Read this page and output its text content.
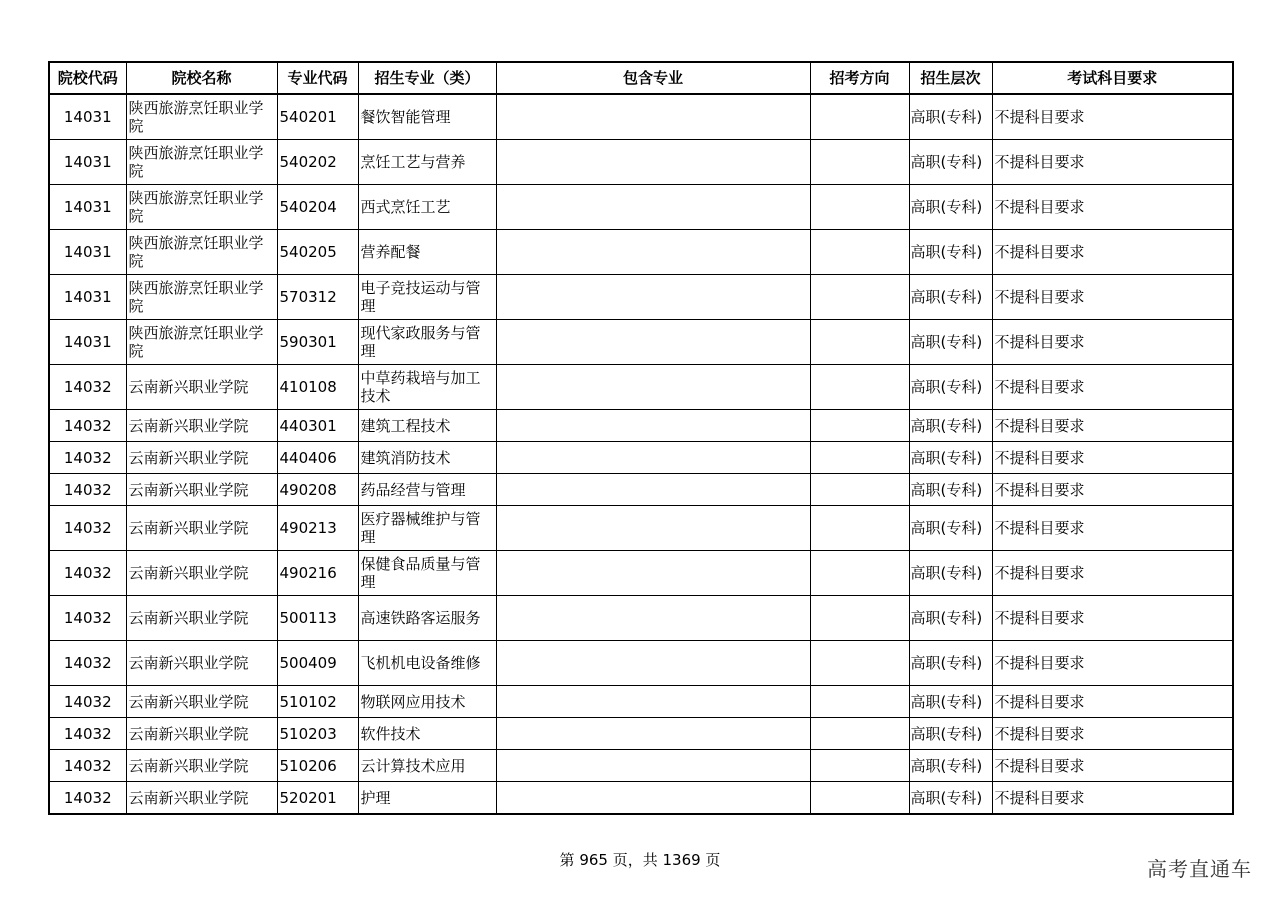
院校代码	院校名称	专业代码	招生专业（类）	包含专业	招考方向	招生层次	考试科目要求
14031	陕西旅游烹饪职业学院	540201	餐饮智能管理			高职(专科)	不提科目要求
14031	陕西旅游烹饪职业学院	540202	烹饪工艺与营养			高职(专科)	不提科目要求
14031	陕西旅游烹饪职业学院	540204	西式烹饪工艺			高职(专科)	不提科目要求
14031	陕西旅游烹饪职业学院	540205	营养配餐			高职(专科)	不提科目要求
14031	陕西旅游烹饪职业学院	570312	电子竞技运动与管理			高职(专科)	不提科目要求
14031	陕西旅游烹饪职业学院	590301	现代家政服务与管理			高职(专科)	不提科目要求
14032	云南新兴职业学院	410108	中草药栽培与加工技术			高职(专科)	不提科目要求
14032	云南新兴职业学院	440301	建筑工程技术			高职(专科)	不提科目要求
14032	云南新兴职业学院	440406	建筑消防技术			高职(专科)	不提科目要求
14032	云南新兴职业学院	490208	药品经营与管理			高职(专科)	不提科目要求
14032	云南新兴职业学院	490213	医疗器械维护与管理			高职(专科)	不提科目要求
14032	云南新兴职业学院	490216	保健食品质量与管理			高职(专科)	不提科目要求
14032	云南新兴职业学院	500113	高速铁路客运服务			高职(专科)	不提科目要求
14032	云南新兴职业学院	500409	飞机机电设备维修			高职(专科)	不提科目要求
14032	云南新兴职业学院	510102	物联网应用技术			高职(专科)	不提科目要求
14032	云南新兴职业学院	510203	软件技术			高职(专科)	不提科目要求
14032	云南新兴职业学院	510206	云计算技术应用			高职(专科)	不提科目要求
14032	云南新兴职业学院	520201	护理			高职(专科)	不提科目要求
第 965 页，共 1369 页	高考直通车
